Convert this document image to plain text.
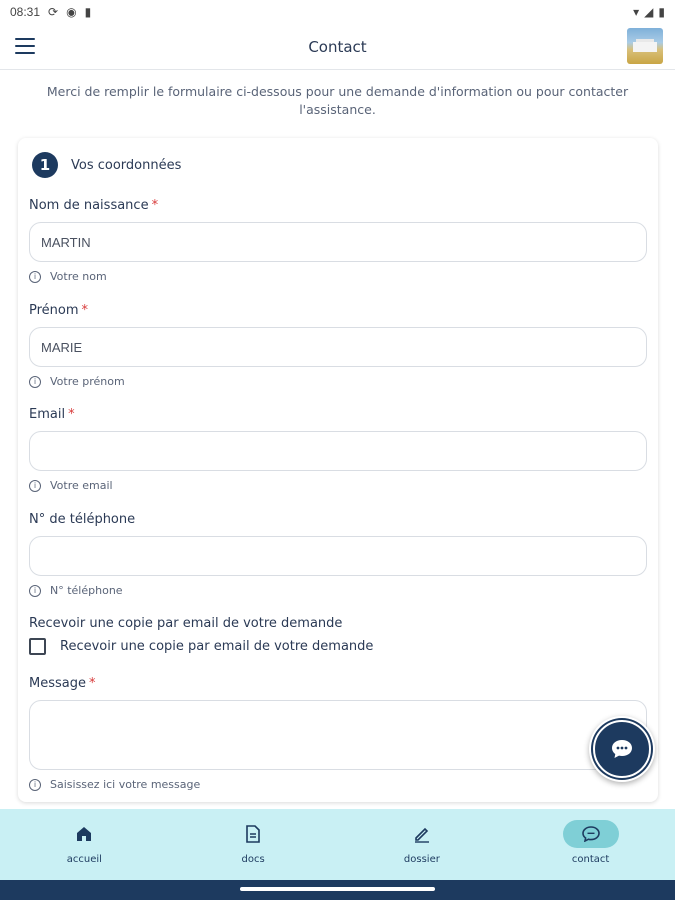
08:31 ⟳ ◉ ▮	▾ ◢ ▮
Contact
Merci de remplir le formulaire ci-dessous pour une demande d'information ou pour contacter l'assistance.
1	Vos coordonnées
Nom de naissance *
MARTIN
i	Votre nom
Prénom *
MARIE
i	Votre prénom
Email *
i	Votre email
N° de téléphone
i	N° téléphone
Recevoir une copie par email de votre demande
Recevoir une copie par email de votre demande
Message *
i	Saisissez ici votre message
accueil	docs	dossier	contact
